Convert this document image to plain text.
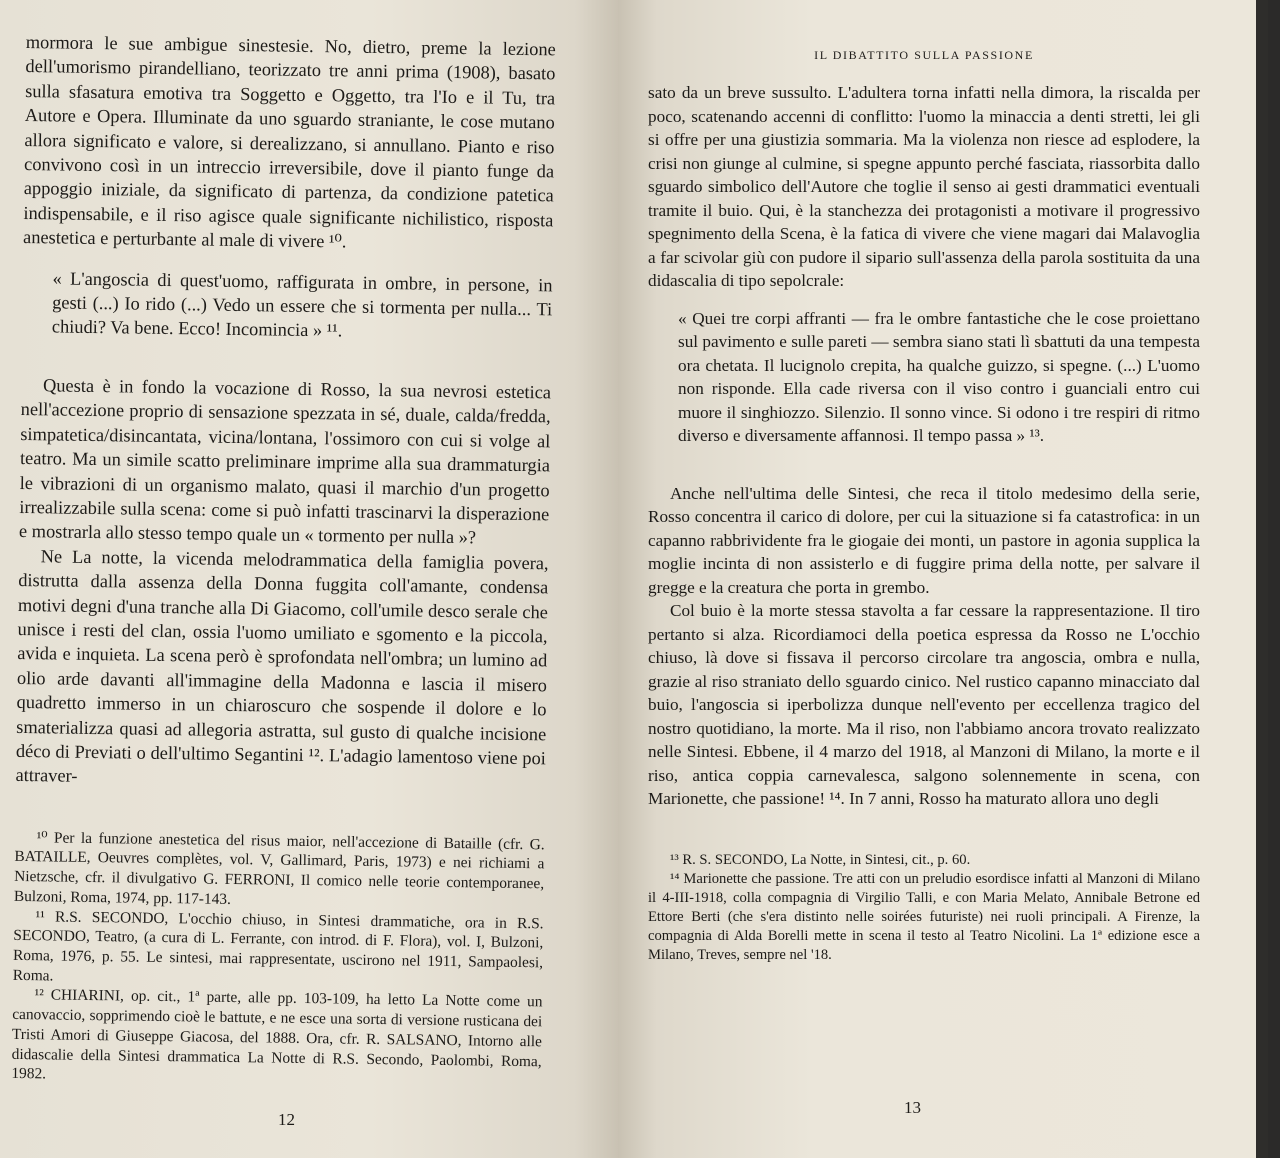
mormora le sue ambigue sinestesie. No, dietro, preme la lezione dell'umorismo pirandelliano, teorizzato tre anni prima (1908), basato sulla sfasatura emotiva tra Soggetto e Oggetto, tra l'Io e il Tu, tra Autore e Opera. Illuminate da uno sguardo straniante, le cose mutano allora significato e valore, si derealizzano, si annullano. Pianto e riso convivono così in un intreccio irreversibile, dove il pianto funge da appoggio iniziale, da significato di partenza, da condizione patetica indispensabile, e il riso agisce quale significante nichilistico, risposta anestetica e perturbante al male di vivere ¹⁰.

« L'angoscia di quest'uomo, raffigurata in ombre, in persone, in gesti (...) Io rido (...) Vedo un essere che si tormenta per nulla... Ti chiudi? Va bene. Ecco! Incomincia » ¹¹.

Questa è in fondo la vocazione di Rosso, la sua nevrosi estetica nell'accezione proprio di sensazione spezzata in sé, duale, calda/fredda, simpatetica/disincantata, vicina/lontana, l'ossimoro con cui si volge al teatro. Ma un simile scatto preliminare imprime alla sua drammaturgia le vibrazioni di un organismo malato, quasi il marchio d'un progetto irrealizzabile sulla scena: come si può infatti trascinarvi la disperazione e mostrarla allo stesso tempo quale un « tormento per nulla »?

Ne La notte, la vicenda melodrammatica della famiglia povera, distrutta dalla assenza della Donna fuggita coll'amante, condensa motivi degni d'una tranche alla Di Giacomo, coll'umile desco serale che unisce i resti del clan, ossia l'uomo umiliato e sgomento e la piccola, avida e inquieta. La scena però è sprofondata nell'ombra; un lumino ad olio arde davanti all'immagine della Madonna e lascia il misero quadretto immerso in un chiaroscuro che sospende il dolore e lo smaterializza quasi ad allegoria astratta, sul gusto di qualche incisione déco di Previati o dell'ultimo Segantini ¹². L'adagio lamentoso viene poi attraver-

¹⁰ Per la funzione anestetica del risus maior, nell'accezione di Bataille (cfr. G. BATAILLE, Oeuvres complètes, vol. V, Gallimard, Paris, 1973) e nei richiami a Nietzsche, cfr. il divulgativo G. FERRONI, Il comico nelle teorie contemporanee, Bulzoni, Roma, 1974, pp. 117-143.

¹¹ R.S. SECONDO, L'occhio chiuso, in Sintesi drammatiche, ora in R.S. SECONDO, Teatro, (a cura di L. Ferrante, con introd. di F. Flora), vol. I, Bulzoni, Roma, 1976, p. 55. Le sintesi, mai rappresentate, uscirono nel 1911, Sampaolesi, Roma.

¹² CHIARINI, op. cit., 1ª parte, alle pp. 103-109, ha letto La Notte come un canovaccio, sopprimendo cioè le battute, e ne esce una sorta di versione rusticana dei Tristi Amori di Giuseppe Giacosa, del 1888. Ora, cfr. R. SALSANO, Intorno alle didascalie della Sintesi drammatica La Notte di R.S. Secondo, Paolombi, Roma, 1982.

12

IL DIBATTITO SULLA PASSIONE

sato da un breve sussulto. L'adultera torna infatti nella dimora, la riscalda per poco, scatenando accenni di conflitto: l'uomo la minaccia a denti stretti, lei gli si offre per una giustizia sommaria. Ma la violenza non riesce ad esplodere, la crisi non giunge al culmine, si spegne appunto perché fasciata, riassorbita dallo sguardo simbolico dell'Autore che toglie il senso ai gesti drammatici eventuali tramite il buio. Qui, è la stanchezza dei protagonisti a motivare il progressivo spegnimento della Scena, è la fatica di vivere che viene magari dai Malavoglia a far scivolar giù con pudore il sipario sull'assenza della parola sostituita da una didascalia di tipo sepolcrale:

« Quei tre corpi affranti — fra le ombre fantastiche che le cose proiettano sul pavimento e sulle pareti — sembra siano stati lì sbattuti da una tempesta ora chetata. Il lucignolo crepita, ha qualche guizzo, si spegne. (...) L'uomo non risponde. Ella cade riversa con il viso contro i guanciali entro cui muore il singhiozzo. Silenzio. Il sonno vince. Si odono i tre respiri di ritmo diverso e diversamente affannosi. Il tempo passa » ¹³.

Anche nell'ultima delle Sintesi, che reca il titolo medesimo della serie, Rosso concentra il carico di dolore, per cui la situazione si fa catastrofica: in un capanno rabbrividente fra le giogaie dei monti, un pastore in agonia supplica la moglie incinta di non assisterlo e di fuggire prima della notte, per salvare il gregge e la creatura che porta in grembo.

Col buio è la morte stessa stavolta a far cessare la rappresentazione. Il tiro pertanto si alza. Ricordiamoci della poetica espressa da Rosso ne L'occhio chiuso, là dove si fissava il percorso circolare tra angoscia, ombra e nulla, grazie al riso straniato dello sguardo cinico. Nel rustico capanno minacciato dal buio, l'angoscia si iperbolizza dunque nell'evento per eccellenza tragico del nostro quotidiano, la morte. Ma il riso, non l'abbiamo ancora trovato realizzato nelle Sintesi. Ebbene, il 4 marzo del 1918, al Manzoni di Milano, la morte e il riso, antica coppia carnevalesca, salgono solennemente in scena, con Marionette, che passione! ¹⁴. In 7 anni, Rosso ha maturato allora uno degli

¹³ R. S. SECONDO, La Notte, in Sintesi, cit., p. 60.

¹⁴ Marionette che passione. Tre atti con un preludio esordisce infatti al Manzoni di Milano il 4-III-1918, colla compagnia di Virgilio Talli, e con Maria Melato, Annibale Betrone ed Ettore Berti (che s'era distinto nelle soirées futuriste) nei ruoli principali. A Firenze, la compagnia di Alda Borelli mette in scena il testo al Teatro Nicolini. La 1ª edizione esce a Milano, Treves, sempre nel '18.

13
